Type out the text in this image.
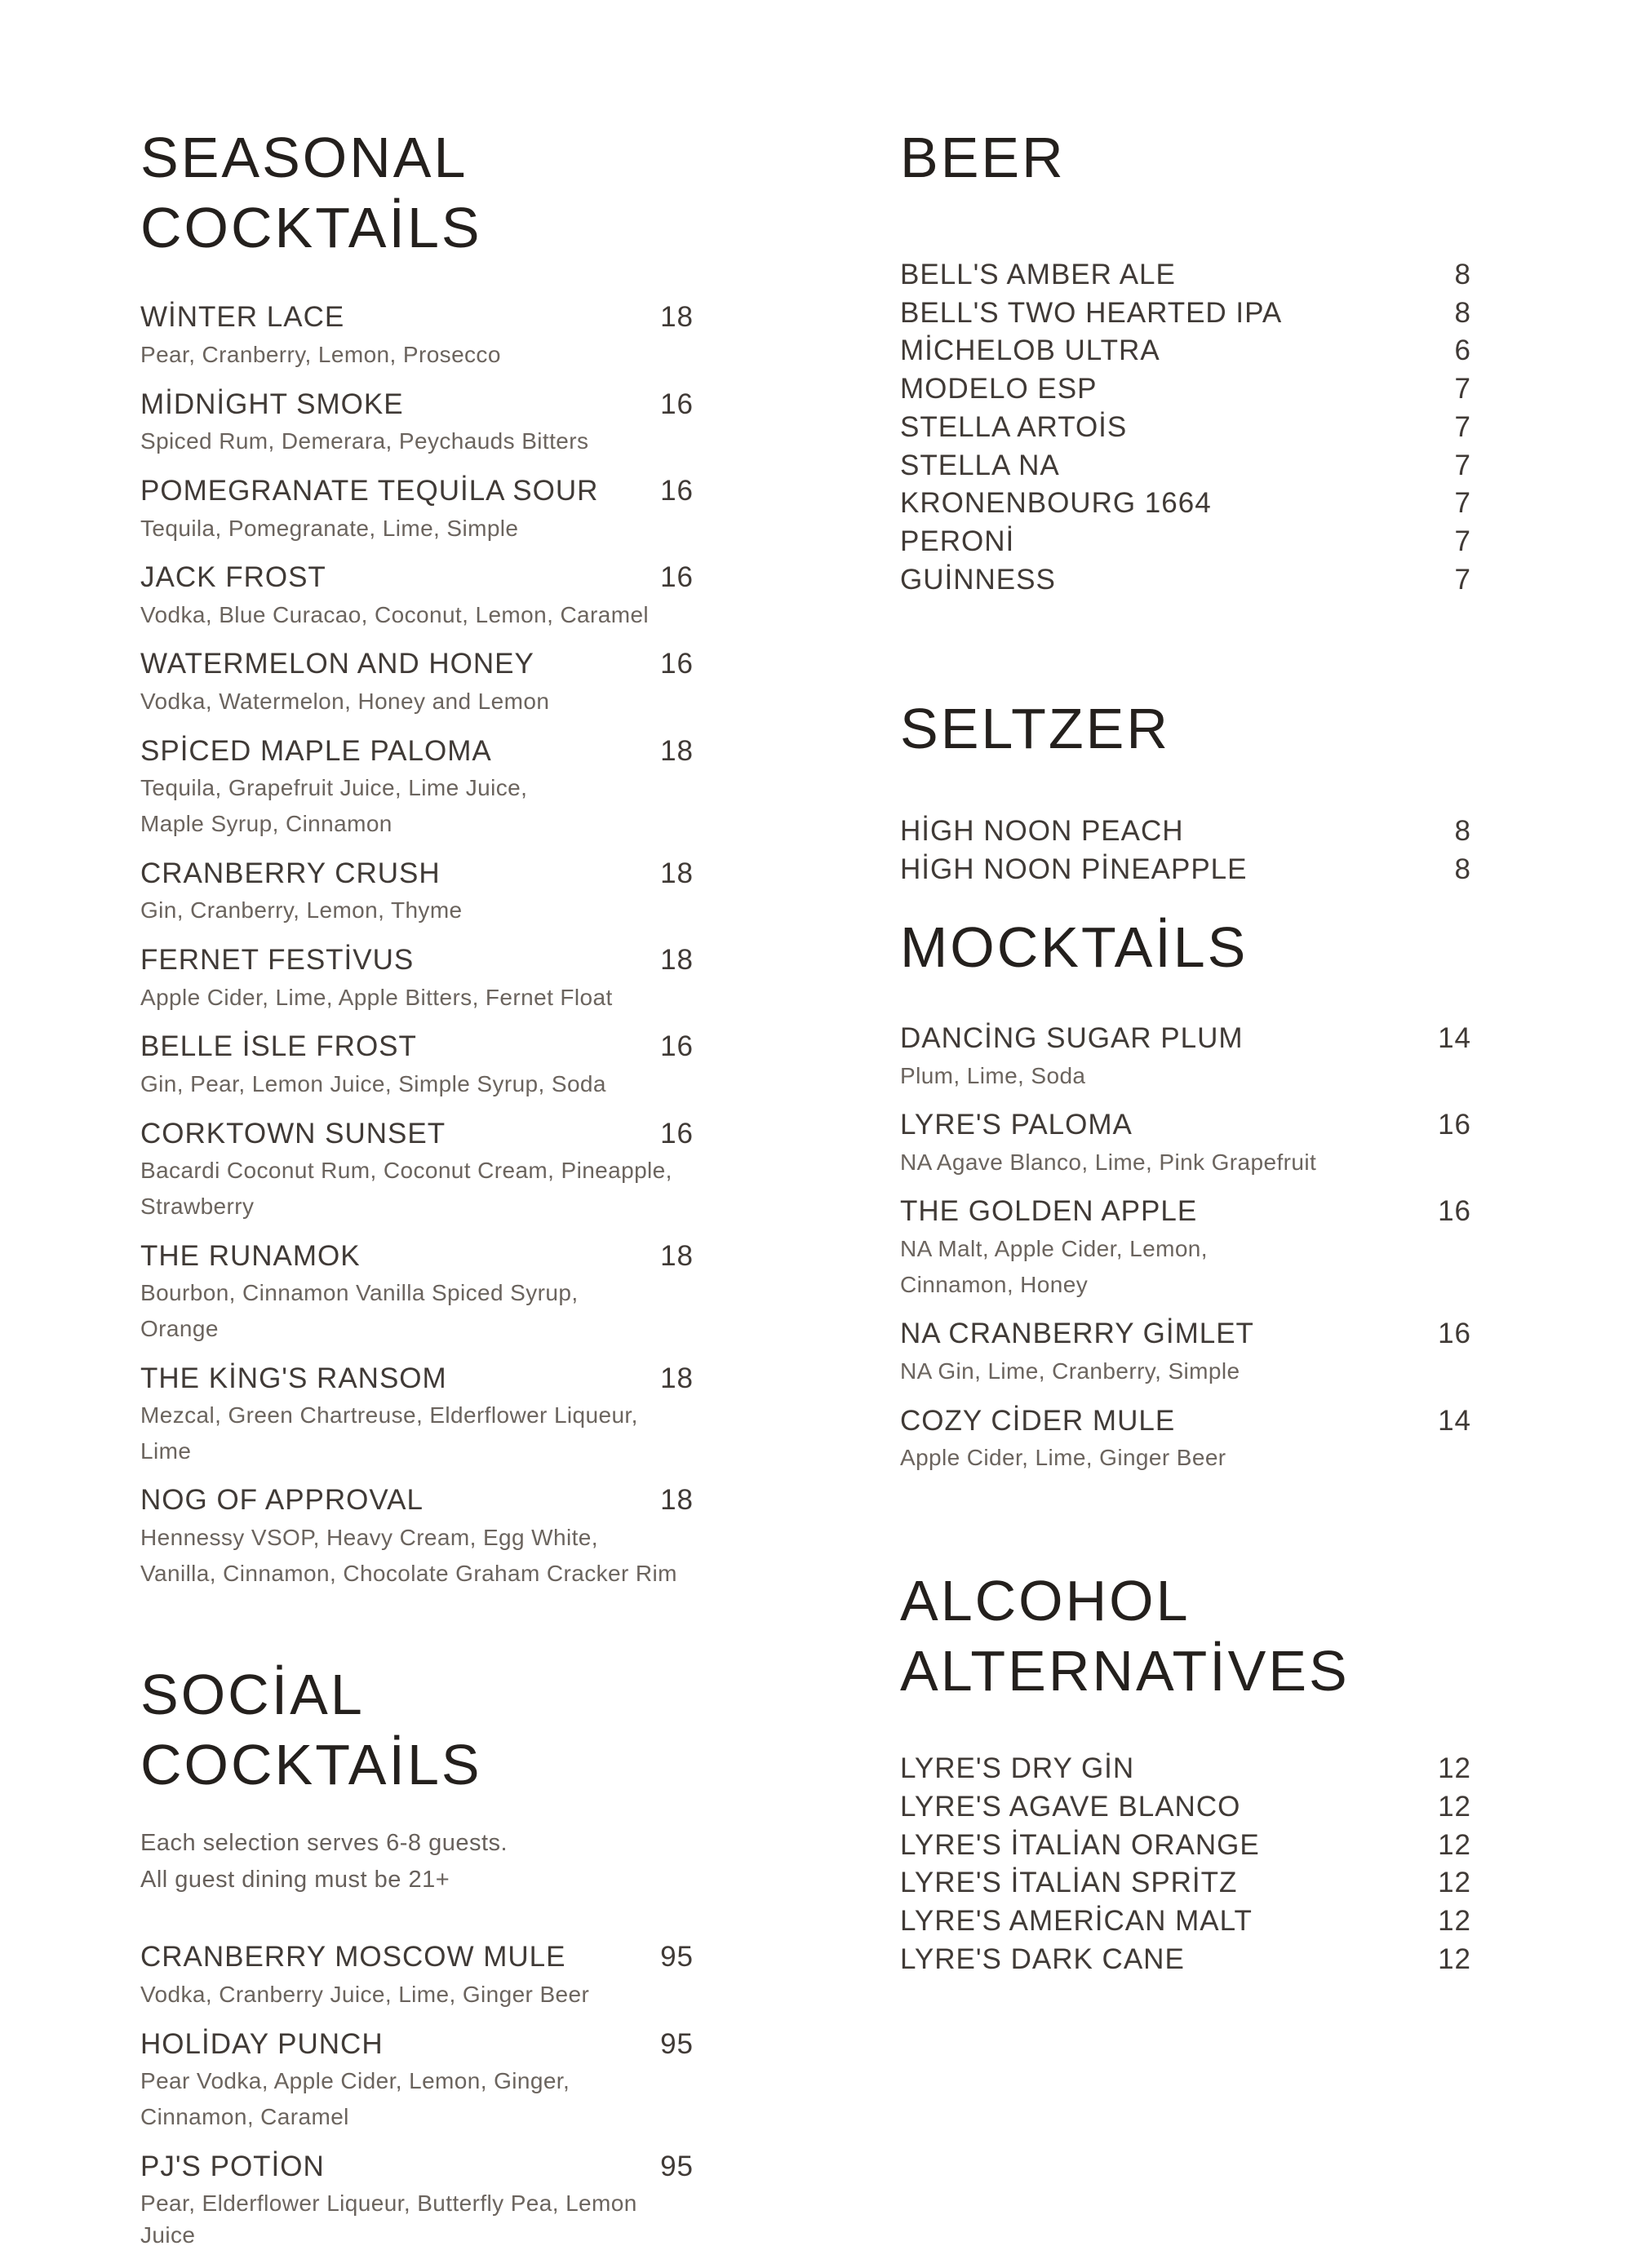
SEASONAL
COCKTAİLS
WİNTER LACE	18
Pear, Cranberry, Lemon, Prosecco
MİDNİGHT SMOKE	16
Spiced Rum, Demerara, Peychauds Bitters
POMEGRANATE TEQUİLA SOUR	16
Tequila, Pomegranate, Lime, Simple
JACK FROST	16
Vodka, Blue Curacao, Coconut, Lemon, Caramel
WATERMELON AND HONEY	16
Vodka, Watermelon, Honey and Lemon
SPİCED MAPLE PALOMA	18
Tequila, Grapefruit Juice, Lime Juice,
Maple Syrup, Cinnamon
CRANBERRY CRUSH	18
Gin, Cranberry, Lemon, Thyme
FERNET FESTİVUS	18
Apple Cider, Lime, Apple Bitters, Fernet Float
BELLE İSLE FROST	16
Gin, Pear, Lemon Juice, Simple Syrup, Soda
CORKTOWN SUNSET	16
Bacardi Coconut Rum, Coconut Cream, Pineapple,
Strawberry
THE RUNAMOK	18
Bourbon, Cinnamon Vanilla Spiced Syrup,
Orange
THE KİNG'S RANSOM	18
Mezcal, Green Chartreuse, Elderflower Liqueur,
Lime
NOG OF APPROVAL	18
Hennessy VSOP, Heavy Cream, Egg White,
Vanilla, Cinnamon, Chocolate Graham Cracker Rim
SOCİAL
COCKTAİLS
Each selection serves 6-8 guests.
All guest dining must be 21+
CRANBERRY MOSCOW MULE	95
Vodka, Cranberry Juice, Lime, Ginger Beer
HOLİDAY PUNCH	95
Pear Vodka, Apple Cider, Lemon, Ginger,
Cinnamon, Caramel
PJ'S POTİON	95
Pear, Elderflower Liqueur, Butterfly Pea, Lemon Juice
BEER
BELL'S AMBER ALE	8
BELL'S TWO HEARTED IPA	8
MİCHELOB ULTRA	6
MODELO ESP	7
STELLA ARTOİS	7
STELLA NA	7
KRONENBOURG 1664	7
PERONİ	7
GUİNNESS	7
SELTZER
HİGH NOON PEACH	8
HİGH NOON PİNEAPPLE	8
MOCKTAİLS
DANCİNG SUGAR PLUM	14
Plum, Lime, Soda
LYRE'S PALOMA	16
NA Agave Blanco, Lime, Pink Grapefruit
THE GOLDEN APPLE	16
NA Malt, Apple Cider, Lemon,
Cinnamon, Honey
NA CRANBERRY GİMLET	16
NA Gin, Lime, Cranberry, Simple
COZY CİDER MULE	14
Apple Cider, Lime, Ginger Beer
ALCOHOL
ALTERNATİVES
LYRE'S DRY GİN	12
LYRE'S AGAVE BLANCO	12
LYRE'S İTALİAN ORANGE	12
LYRE'S İTALİAN SPRİTZ	12
LYRE'S AMERİCAN MALT	12
LYRE'S DARK CANE	12
